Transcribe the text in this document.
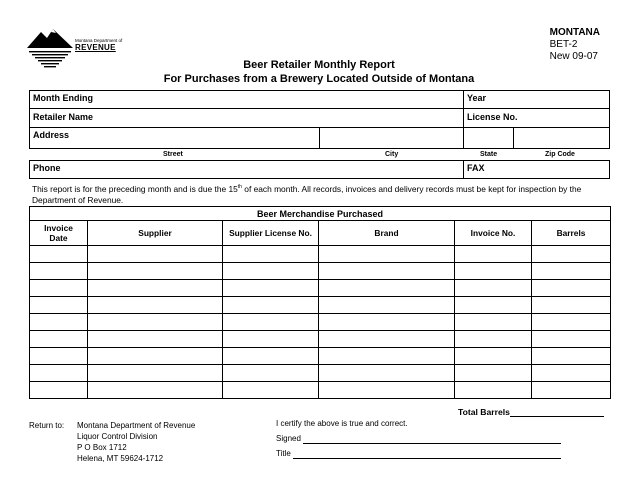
Montana Department of
REVENUE
MONTANA
BET-2
New 09-07
Beer Retailer Monthly Report
For Purchases from a Brewery Located Outside of Montana
Month Ending	Year
Retailer Name	License No.
Address
Street	City	State	Zip Code
Phone	FAX
This report is for the preceding month and is due the 15th of each month. All records, invoices and delivery records must be kept for inspection by the Department of Revenue.
Beer Merchandise Purchased					
Invoice
Date	Supplier	Supplier License No.	Brand	Invoice No.	Barrels

Total Barrels
Return to: Montana Department of Revenue
Liquor Control Division
P O Box 1712
Helena, MT 59624-1712
I certify the above is true and correct.
Signed
Title
